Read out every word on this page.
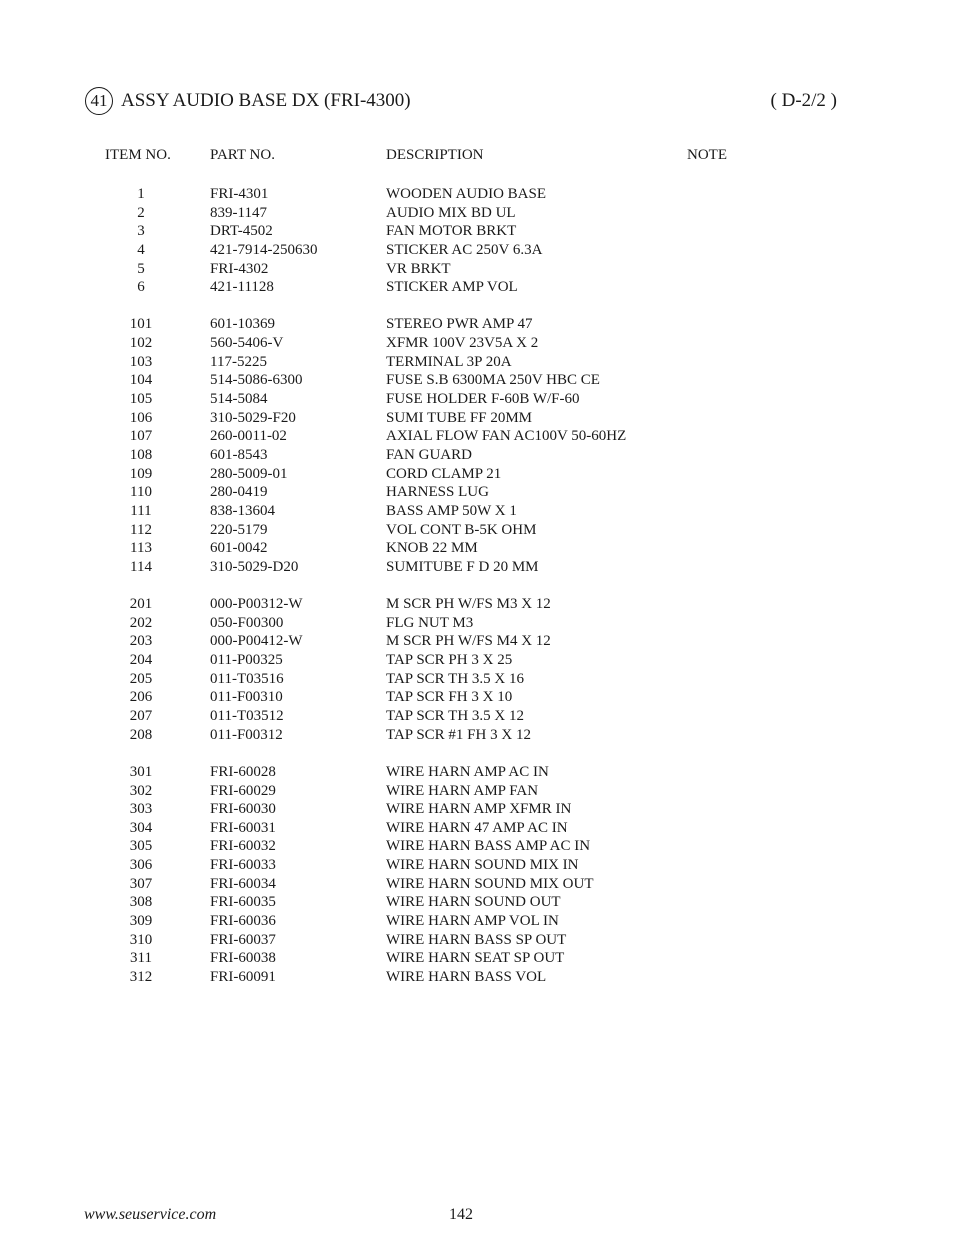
41 ASSY AUDIO BASE DX (FRI-4300)	( D-2/2 )
ITEM NO.	PART NO.	DESCRIPTION	NOTE
1	FRI-4301	WOODEN AUDIO BASE
2	839-1147	AUDIO MIX BD UL
3	DRT-4502	FAN MOTOR BRKT
4	421-7914-250630	STICKER AC 250V 6.3A
5	FRI-4302	VR BRKT
6	421-11128	STICKER AMP VOL
101	601-10369	STEREO PWR AMP 47
102	560-5406-V	XFMR 100V 23V5A X 2
103	117-5225	TERMINAL 3P 20A
104	514-5086-6300	FUSE S.B 6300MA 250V HBC CE
105	514-5084	FUSE HOLDER F-60B W/F-60
106	310-5029-F20	SUMI TUBE FF 20MM
107	260-0011-02	AXIAL FLOW FAN AC100V 50-60HZ
108	601-8543	FAN GUARD
109	280-5009-01	CORD CLAMP 21
110	280-0419	HARNESS LUG
111	838-13604	BASS AMP 50W X 1
112	220-5179	VOL CONT B-5K OHM
113	601-0042	KNOB 22 MM
114	310-5029-D20	SUMITUBE F D 20 MM
201	000-P00312-W	M SCR PH W/FS M3 X 12
202	050-F00300	FLG NUT M3
203	000-P00412-W	M SCR PH W/FS M4 X 12
204	011-P00325	TAP SCR PH 3 X 25
205	011-T03516	TAP SCR TH 3.5 X 16
206	011-F00310	TAP SCR FH 3 X 10
207	011-T03512	TAP SCR TH 3.5 X 12
208	011-F00312	TAP SCR #1 FH 3 X 12
301	FRI-60028	WIRE HARN AMP AC IN
302	FRI-60029	WIRE HARN AMP FAN
303	FRI-60030	WIRE HARN AMP XFMR IN
304	FRI-60031	WIRE HARN 47 AMP AC IN
305	FRI-60032	WIRE HARN BASS AMP AC IN
306	FRI-60033	WIRE HARN SOUND MIX IN
307	FRI-60034	WIRE HARN SOUND MIX OUT
308	FRI-60035	WIRE HARN SOUND OUT
309	FRI-60036	WIRE HARN AMP VOL IN
310	FRI-60037	WIRE HARN BASS SP OUT
311	FRI-60038	WIRE HARN SEAT SP OUT
312	FRI-60091	WIRE HARN BASS VOL
www.seuservice.com	142
